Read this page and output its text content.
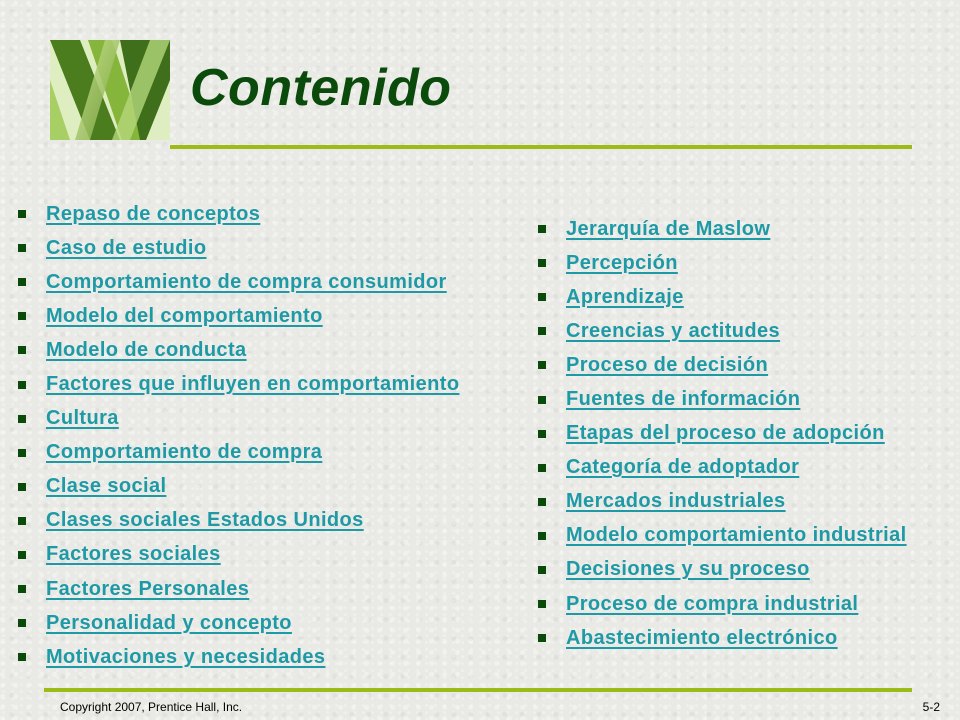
Contenido
Repaso de conceptos
Caso de estudio
Comportamiento de compra consumidor
Modelo del comportamiento
Modelo de conducta
Factores que influyen en comportamiento
Cultura
Comportamiento de compra
Clase social
Clases sociales Estados Unidos
Factores sociales
Factores Personales
Personalidad y concepto
Motivaciones y necesidades
Jerarquía de Maslow
Percepción
Aprendizaje
Creencias y actitudes
Proceso de decisión
Fuentes de información
Etapas del proceso de adopción
Categoría de adoptador
Mercados industriales
Modelo comportamiento industrial
Decisiones y su proceso
Proceso de compra industrial
Abastecimiento electrónico
Copyright 2007, Prentice Hall, Inc.	5-2
